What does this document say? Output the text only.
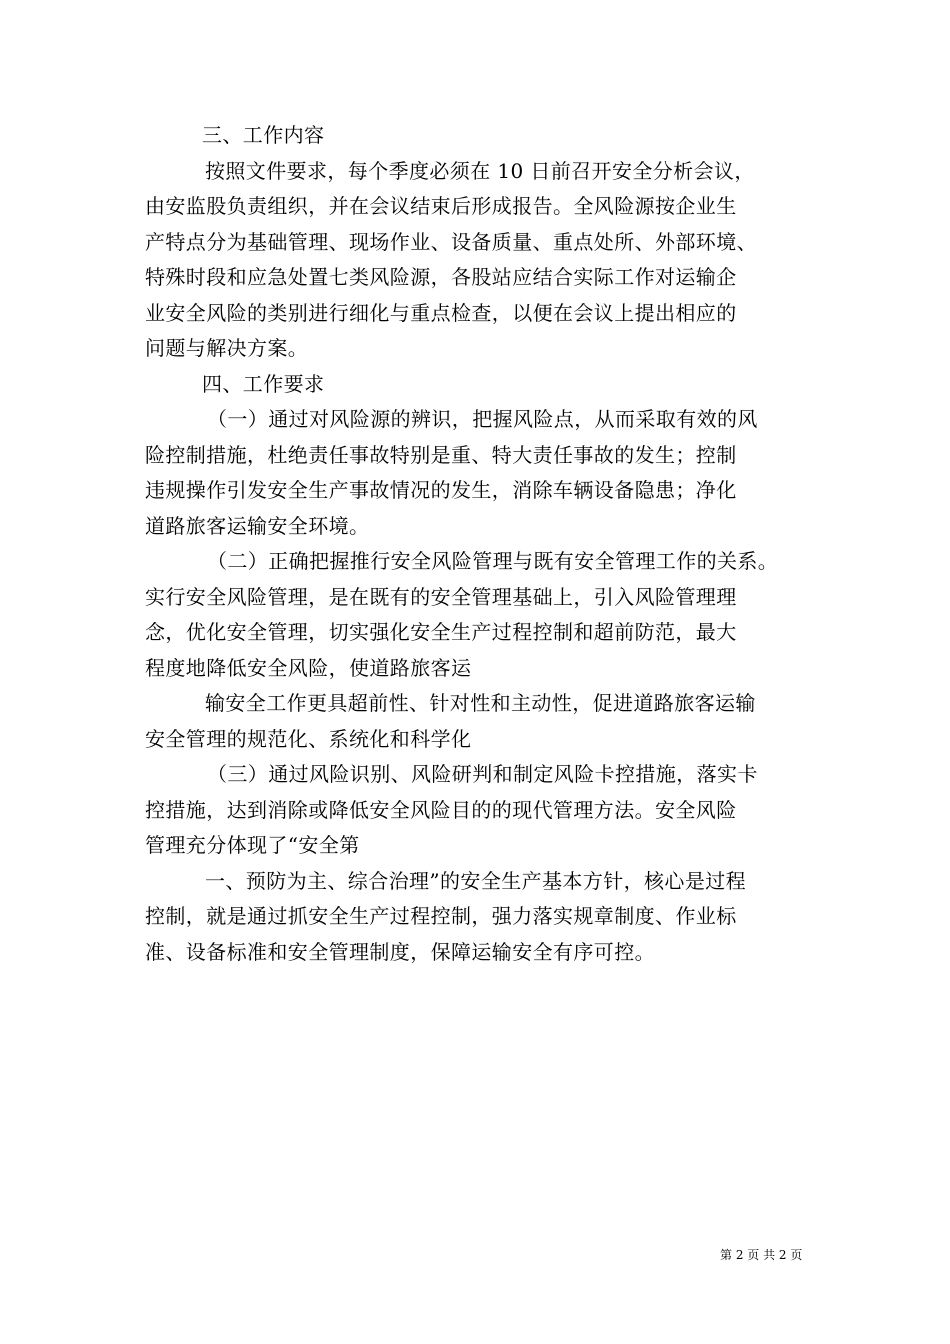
三、工作内容
按照文件要求，每个季度必须在 10 日前召开安全分析会议，
由安监股负责组织，并在会议结束后形成报告。全风险源按企业生
产特点分为基础管理、现场作业、设备质量、重点处所、外部环境、
特殊时段和应急处置七类风险源，各股站应结合实际工作对运输企
业安全风险的类别进行细化与重点检查，以便在会议上提出相应的
问题与解决方案。
四、工作要求
（一）通过对风险源的辨识，把握风险点，从而采取有效的风
险控制措施，杜绝责任事故特别是重、特大责任事故的发生；控制
违规操作引发安全生产事故情况的发生，消除车辆设备隐患；净化
道路旅客运输安全环境。
（二）正确把握推行安全风险管理与既有安全管理工作的关系。
实行安全风险管理，是在既有的安全管理基础上，引入风险管理理
念，优化安全管理，切实强化安全生产过程控制和超前防范，最大
程度地降低安全风险，使道路旅客运
输安全工作更具超前性、针对性和主动性，促进道路旅客运输
安全管理的规范化、系统化和科学化
（三）通过风险识别、风险研判和制定风险卡控措施，落实卡
控措施，达到消除或降低安全风险目的的现代管理方法。安全风险
管理充分体现了“安全第
一、预防为主、综合治理”的安全生产基本方针，核心是过程
控制，就是通过抓安全生产过程控制，强力落实规章制度、作业标
准、设备标准和安全管理制度，保障运输安全有序可控。
第 2 页 共 2 页
